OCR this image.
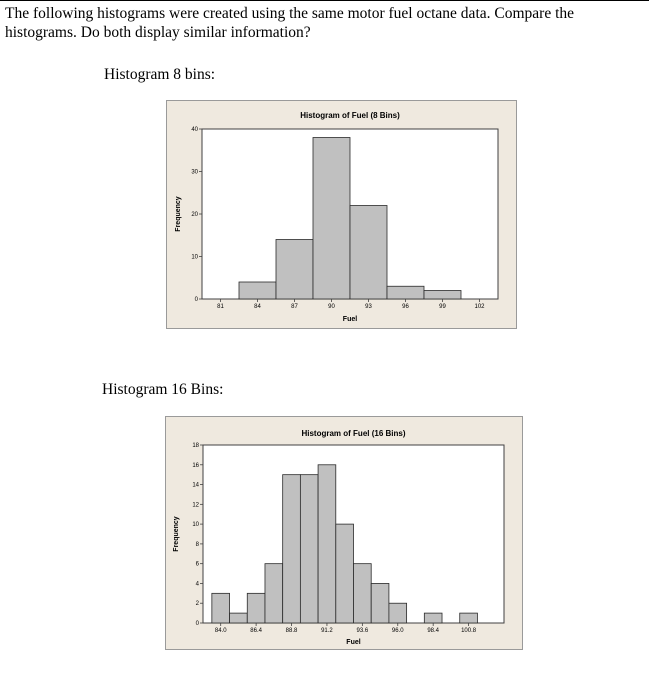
The following histograms were created using the same motor fuel octane data. Compare the histograms. Do both display similar information?
Histogram 8 bins:
Histogram of Fuel (8 Bins)
0
10
20
30
40
81	84	87	90	93	96	99	102
Fuel
Frequency
Histogram 16 Bins:
Histogram of Fuel (16 Bins)
0
2
4
6
8
10
12
14
16
18
84.0	86.4	88.8	91.2	93.6	96.0	98.4	100.8
Fuel
Frequency
